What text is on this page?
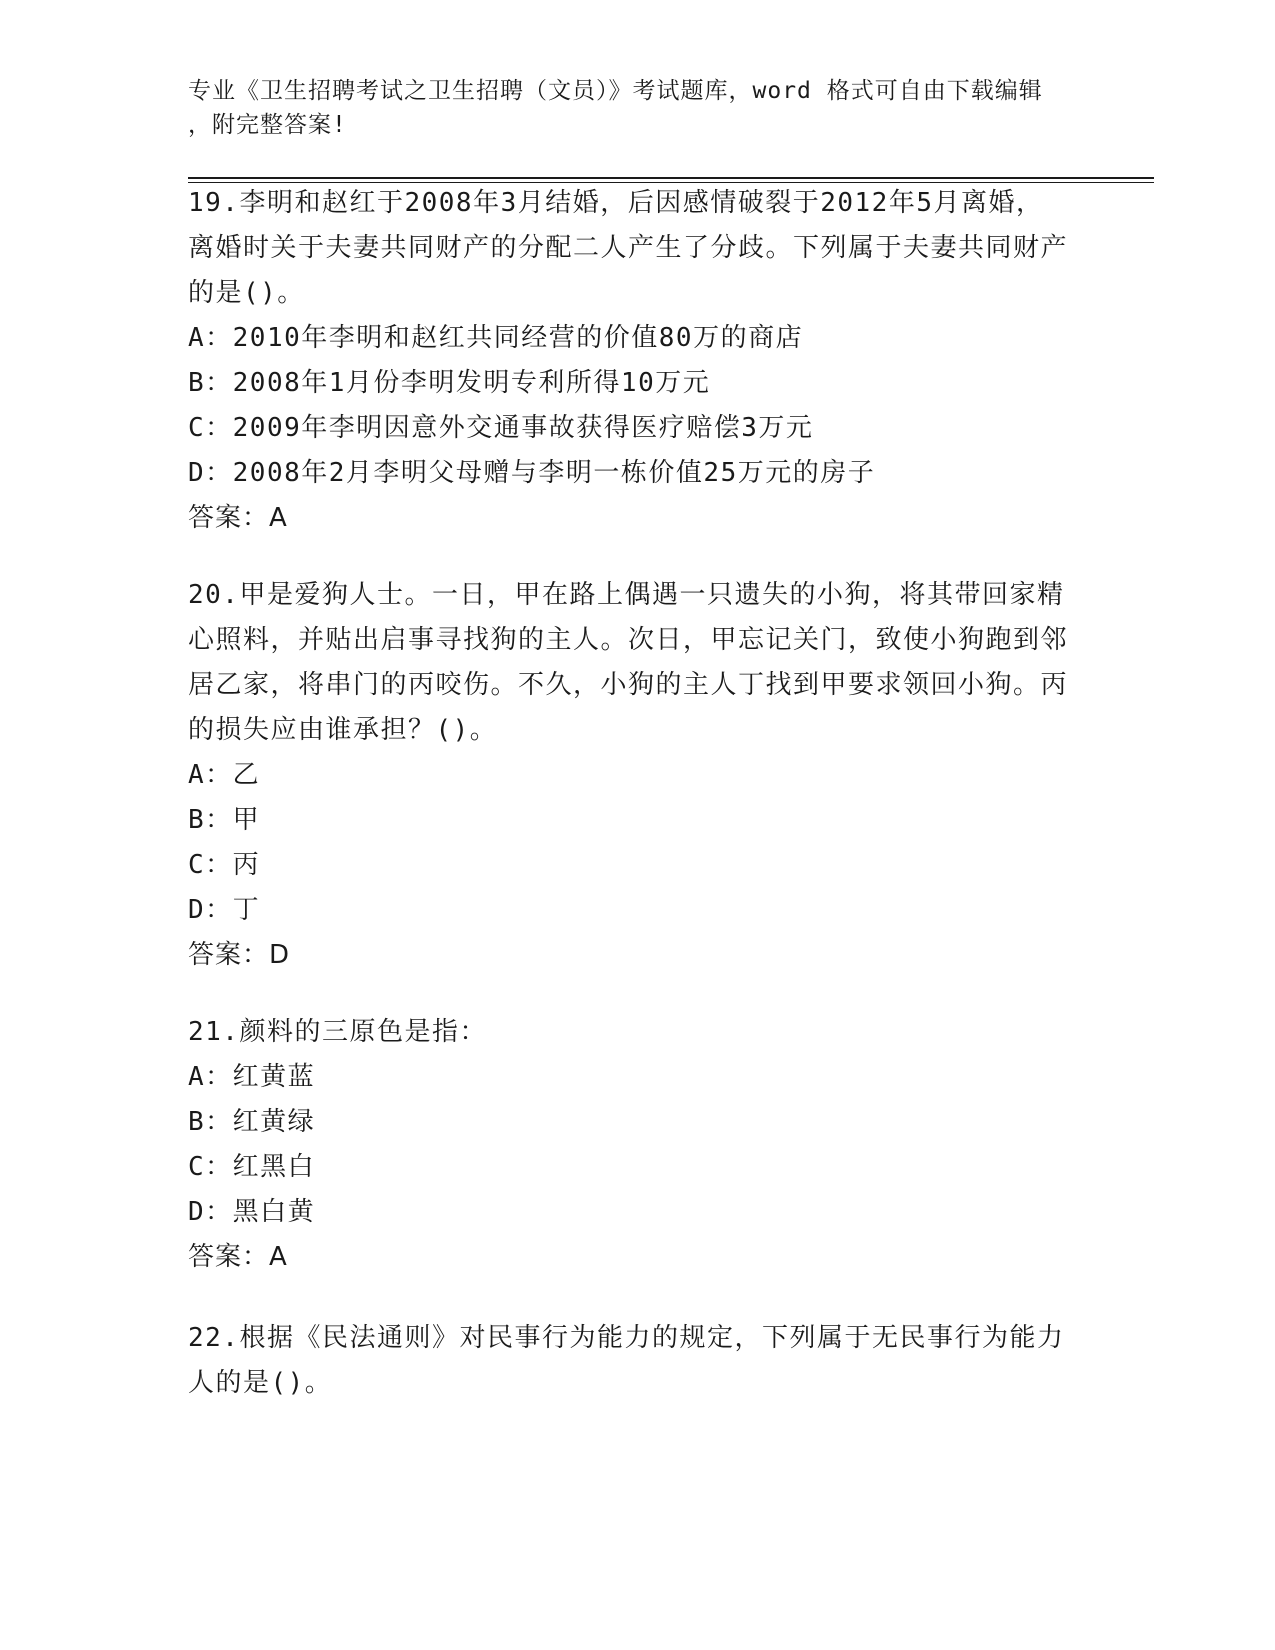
专业《卫生招聘考试之卫生招聘（文员）》考试题库，word 格式可自由下载编辑
，附完整答案!

19.李明和赵红于2008年3月结婚，后因感情破裂于2012年5月离婚，离婚时关于夫妻共同财产的分配二人产生了分歧。下列属于夫妻共同财产的是()。

A：2010年李明和赵红共同经营的价值80万的商店

B：2008年1月份李明发明专利所得10万元

C：2009年李明因意外交通事故获得医疗赔偿3万元

D：2008年2月李明父母赠与李明一栋价值25万元的房子

答案：A

20.甲是爱狗人士。一日，甲在路上偶遇一只遗失的小狗，将其带回家精心照料，并贴出启事寻找狗的主人。次日，甲忘记关门，致使小狗跑到邻居乙家，将串门的丙咬伤。不久，小狗的主人丁找到甲要求领回小狗。丙的损失应由谁承担？()。

A：乙

B：甲

C：丙

D：丁

答案：D

21.颜料的三原色是指：

A：红黄蓝

B：红黄绿

C：红黑白

D：黑白黄

答案：A

22.根据《民法通则》对民事行为能力的规定，下列属于无民事行为能力人的是()。
